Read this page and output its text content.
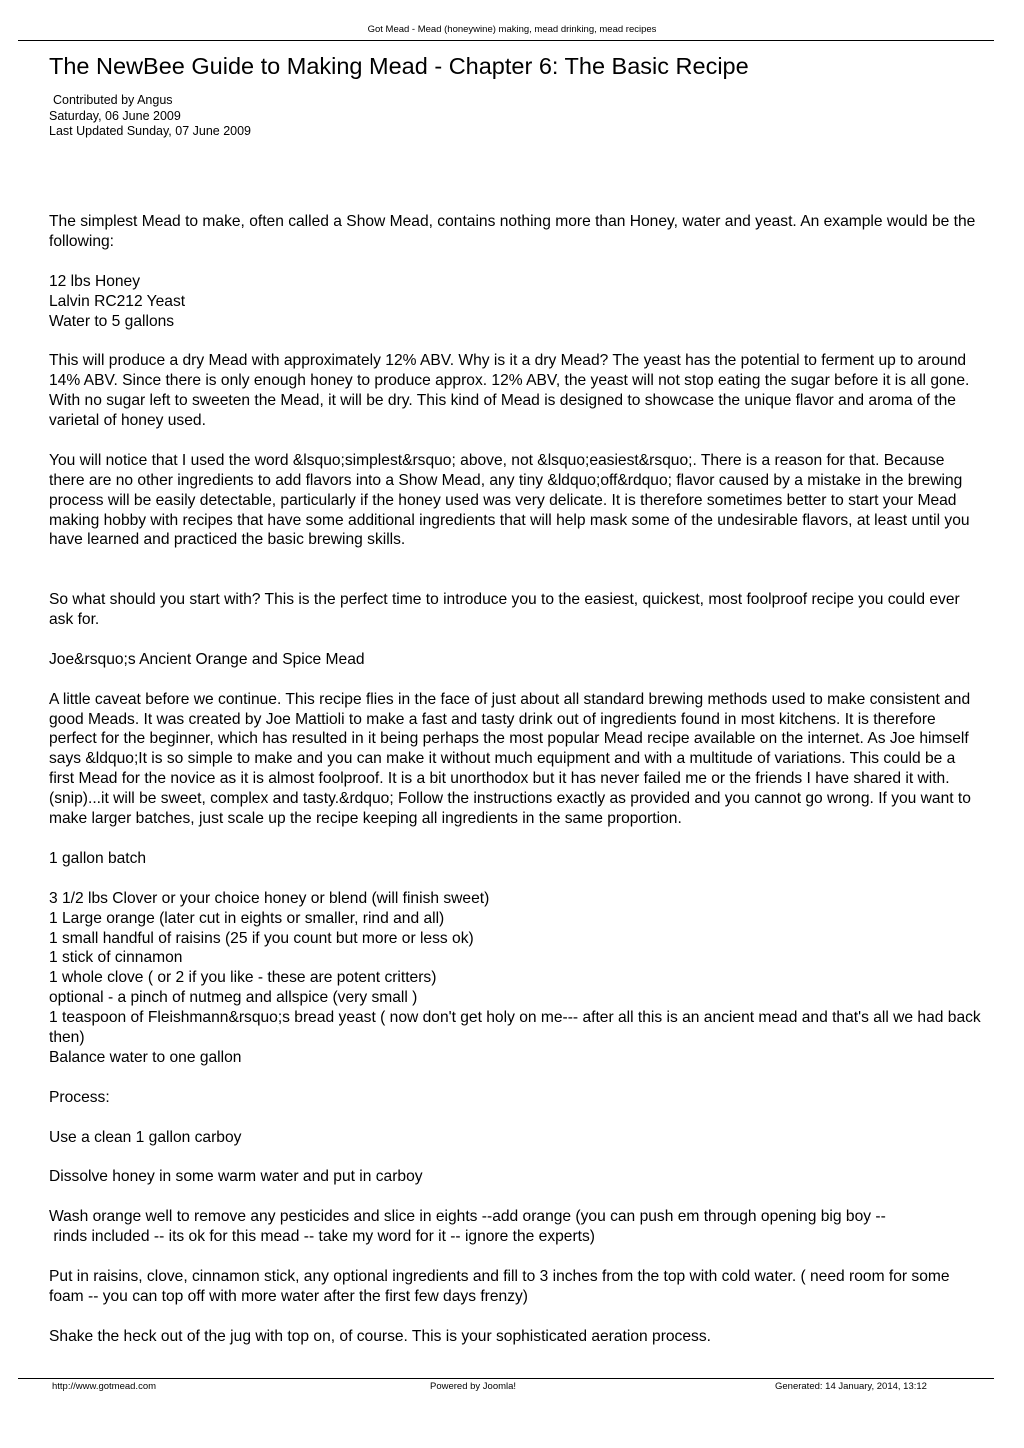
Got Mead - Mead (honeywine) making, mead drinking, mead recipes
The NewBee Guide to Making Mead - Chapter 6: The Basic Recipe
Contributed by Angus
Saturday, 06 June 2009
Last Updated Sunday, 07 June 2009

The simplest Mead to make, often called a Show Mead, contains nothing more than Honey, water and yeast. An example would be the following:

12 lbs Honey
Lalvin RC212 Yeast
Water to 5 gallons

This will produce a dry Mead with approximately 12% ABV. Why is it a dry Mead? The yeast has the potential to ferment up to around 14% ABV. Since there is only enough honey to produce approx. 12% ABV, the yeast will not stop eating the sugar before it is all gone. With no sugar left to sweeten the Mead, it will be dry. This kind of Mead is designed to showcase the unique flavor and aroma of the varietal of honey used.

You will notice that I used the word &lsquo;simplest&rsquo; above, not &lsquo;easiest&rsquo;. There is a reason for that. Because there are no other ingredients to add flavors into a Show Mead, any tiny &ldquo;off&rdquo; flavor caused by a mistake in the brewing process will be easily detectable, particularly if the honey used was very delicate. It is therefore sometimes better to start your Mead making hobby with recipes that have some additional ingredients that will help mask some of the undesirable flavors, at least until you have learned and practiced the basic brewing skills.

So what should you start with? This is the perfect time to introduce you to the easiest, quickest, most foolproof recipe you could ever ask for.

Joe&rsquo;s Ancient Orange and Spice Mead

A little caveat before we continue. This recipe flies in the face of just about all standard brewing methods used to make consistent and good Meads. It was created by Joe Mattioli to make a fast and tasty drink out of ingredients found in most kitchens. It is therefore perfect for the beginner, which has resulted in it being perhaps the most popular Mead recipe available on the internet. As Joe himself says &ldquo;It is so simple to make and you can make it without much equipment and with a multitude of variations. This could be a first Mead for the novice as it is almost foolproof. It is a bit unorthodox but it has never failed me or the friends I have shared it with. (snip)...it will be sweet, complex and tasty.&rdquo; Follow the instructions exactly as provided and you cannot go wrong. If you want to make larger batches, just scale up the recipe keeping all ingredients in the same proportion.

1 gallon batch

3 1/2 lbs Clover or your choice honey or blend (will finish sweet)
1 Large orange (later cut in eights or smaller, rind and all)
1 small handful of raisins (25 if you count but more or less ok)
1 stick of cinnamon
1 whole clove ( or 2 if you like - these are potent critters)
optional - a pinch of nutmeg and allspice (very small )
1 teaspoon of Fleishmann&rsquo;s bread yeast ( now don't get holy on me--- after all this is an ancient mead and that's all we had back then)
Balance water to one gallon

Process:

Use a clean 1 gallon carboy

Dissolve honey in some warm water and put in carboy

Wash orange well to remove any pesticides and slice in eights --add orange (you can push em through opening big boy --
rinds included -- its ok for this mead -- take my word for it -- ignore the experts)

Put in raisins, clove, cinnamon stick, any optional ingredients and fill to 3 inches from the top with cold water. ( need room for some foam -- you can top off with more water after the first few days frenzy)

Shake the heck out of the jug with top on, of course. This is your sophisticated aeration process.

http://www.gotmead.com	Powered by Joomla!	Generated: 14 January, 2014, 13:12
